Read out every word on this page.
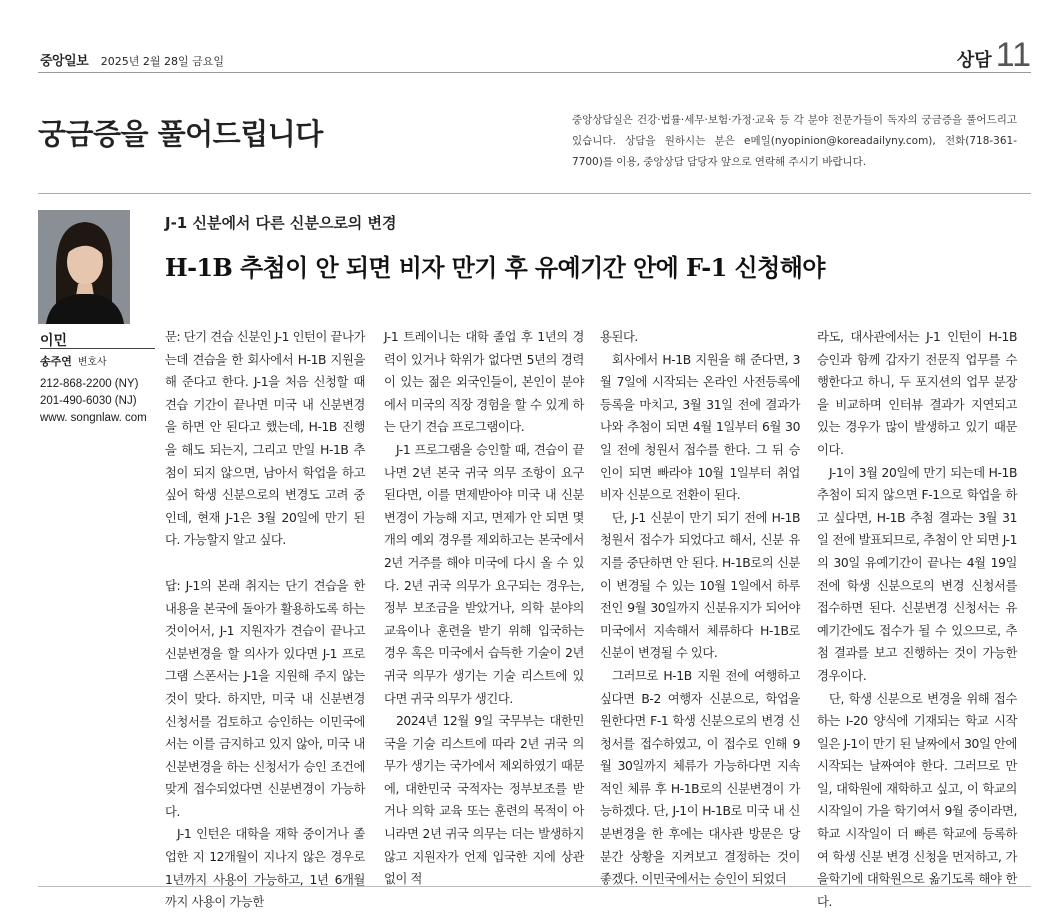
중앙일보 2025년 2월 28일 금요일	상담 11
궁금증을 풀어드립니다	중앙상담실은 건강·법률·세무·보험·가정·교육 등 각 분야 전문가들이 독자의 궁금증을 풀어드리고 있습니다. 상담을 원하시는 분은 e메일(nyopinion@koreadailyny.com), 전화(718-361-7700)를 이용, 중앙상담 담당자 앞으로 연락해 주시기 바랍니다.
이민
송주연 변호사
212-868-2200 (NY)
201-490-6030 (NJ)
www. songnlaw. com
J-1 신분에서 다른 신분으로의 변경
H-1B 추첨이 안 되면 비자 만기 후 유예기간 안에 F-1 신청해야

문: 단기 견습 신분인 J-1 인턴이 끝나가는데 견습을 한 회사에서 H-1B 지원을 해 준다고 한다. J-1을 처음 신청할 때 견습 기간이 끝나면 미국 내 신분변경을 하면 안 된다고 했는데, H-1B 진행을 해도 되는지, 그리고 만일 H-1B 추첨이 되지 않으면, 남아서 학업을 하고 싶어 학생 신분으로의 변경도 고려 중인데, 현재 J-1은 3월 20일에 만기 된다. 가능할지 알고 싶다.

답: J-1의 본래 취지는 단기 견습을 한 내용을 본국에 돌아가 활용하도록 하는 것이어서, J-1 지원자가 견습이 끝나고 신분변경을 할 의사가 있다면 J-1 프로그램 스폰서는 J-1을 지원해 주지 않는 것이 맞다. 하지만, 미국 내 신분변경 신청서를 검토하고 승인하는 이민국에서는 이를 금지하고 있지 않아, 미국 내 신분변경을 하는 신청서가 승인 조건에 맞게 접수되었다면 신분변경이 가능하다.

J-1 인턴은 대학을 재학 중이거나 졸업한 지 12개월이 지나지 않은 경우로 1년까지 사용이 가능하고, 1년 6개월까지 사용이 가능한

J-1 트레이니는 대학 졸업 후 1년의 경력이 있거나 학위가 없다면 5년의 경력이 있는 젊은 외국인들이, 본인이 분야에서 미국의 직장 경험을 할 수 있게 하는 단기 견습 프로그램이다.

J-1 프로그램을 승인할 때, 견습이 끝나면 2년 본국 귀국 의무 조항이 요구된다면, 이를 면제받아야 미국 내 신분 변경이 가능해 지고, 면제가 안 되면 몇 개의 예외 경우를 제외하고는 본국에서 2년 거주를 해야 미국에 다시 올 수 있다. 2년 귀국 의무가 요구되는 경우는, 정부 보조금을 받았거나, 의학 분야의 교육이나 훈련을 받기 위해 입국하는 경우 혹은 미국에서 습득한 기술이 2년 귀국 의무가 생기는 기술 리스트에 있다면 귀국 의무가 생긴다.

2024년 12월 9일 국무부는 대한민국을 기술 리스트에 따라 2년 귀국 의무가 생기는 국가에서 제외하였기 때문에, 대한민국 국적자는 정부보조를 받거나 의학 교육 또는 훈련의 목적이 아니라면 2년 귀국 의무는 더는 발생하지 않고 지원자가 언제 입국한 지에 상관없이 적

용된다.

회사에서 H-1B 지원을 해 준다면, 3월 7일에 시작되는 온라인 사전등록에 등록을 마치고, 3월 31일 전에 결과가 나와 추첨이 되면 4월 1일부터 6월 30일 전에 청원서 접수를 한다. 그 뒤 승인이 되면 빠라야 10월 1일부터 취업비자 신분으로 전환이 된다.

단, J-1 신분이 만기 되기 전에 H-1B 청원서 접수가 되었다고 해서, 신분 유지를 중단하면 안 된다. H-1B로의 신분이 변경될 수 있는 10월 1일에서 하루 전인 9월 30일까지 신분유지가 되어야 미국에서 지속해서 체류하다 H-1B로 신분이 변경될 수 있다.

그러므로 H-1B 지원 전에 여행하고 싶다면 B-2 여행자 신분으로, 학업을 원한다면 F-1 학생 신분으로의 변경 신청서를 접수하였고, 이 접수로 인해 9월 30일까지 체류가 가능하다면 지속적인 체류 후 H-1B로의 신분변경이 가능하겠다. 단, J-1이 H-1B로 미국 내 신분변경을 한 후에는 대사관 방문은 당분간 상황을 지켜보고 결정하는 것이 좋겠다. 이민국에서는 승인이 되었더

라도, 대사관에서는 J-1 인턴이 H-1B 승인과 함께 갑자기 전문직 업무를 수행한다고 하니, 두 포지션의 업무 분장을 비교하며 인터뷰 결과가 지연되고 있는 경우가 많이 발생하고 있기 때문이다.

J-1이 3월 20일에 만기 되는데 H-1B 추첨이 되지 않으면 F-1으로 학업을 하고 싶다면, H-1B 추첨 결과는 3월 31일 전에 발표되므로, 추첨이 안 되면 J-1의 30일 유예기간이 끝나는 4월 19일 전에 학생 신분으로의 변경 신청서를 접수하면 된다. 신분변경 신청서는 유예기간에도 접수가 될 수 있으므로, 추첨 결과를 보고 진행하는 것이 가능한 경우이다.

단, 학생 신분으로 변경을 위해 접수하는 I-20 양식에 기재되는 학교 시작일은 J-1이 만기 된 날짜에서 30일 안에 시작되는 날짜여야 한다. 그러므로 만일, 대학원에 재학하고 싶고, 이 학교의 시작일이 가을 학기여서 9월 중이라면, 학교 시작일이 더 빠른 학교에 등록하여 학생 신분 변경 신청을 먼저하고, 가을학기에 대학원으로 옮기도록 해야 한다.
